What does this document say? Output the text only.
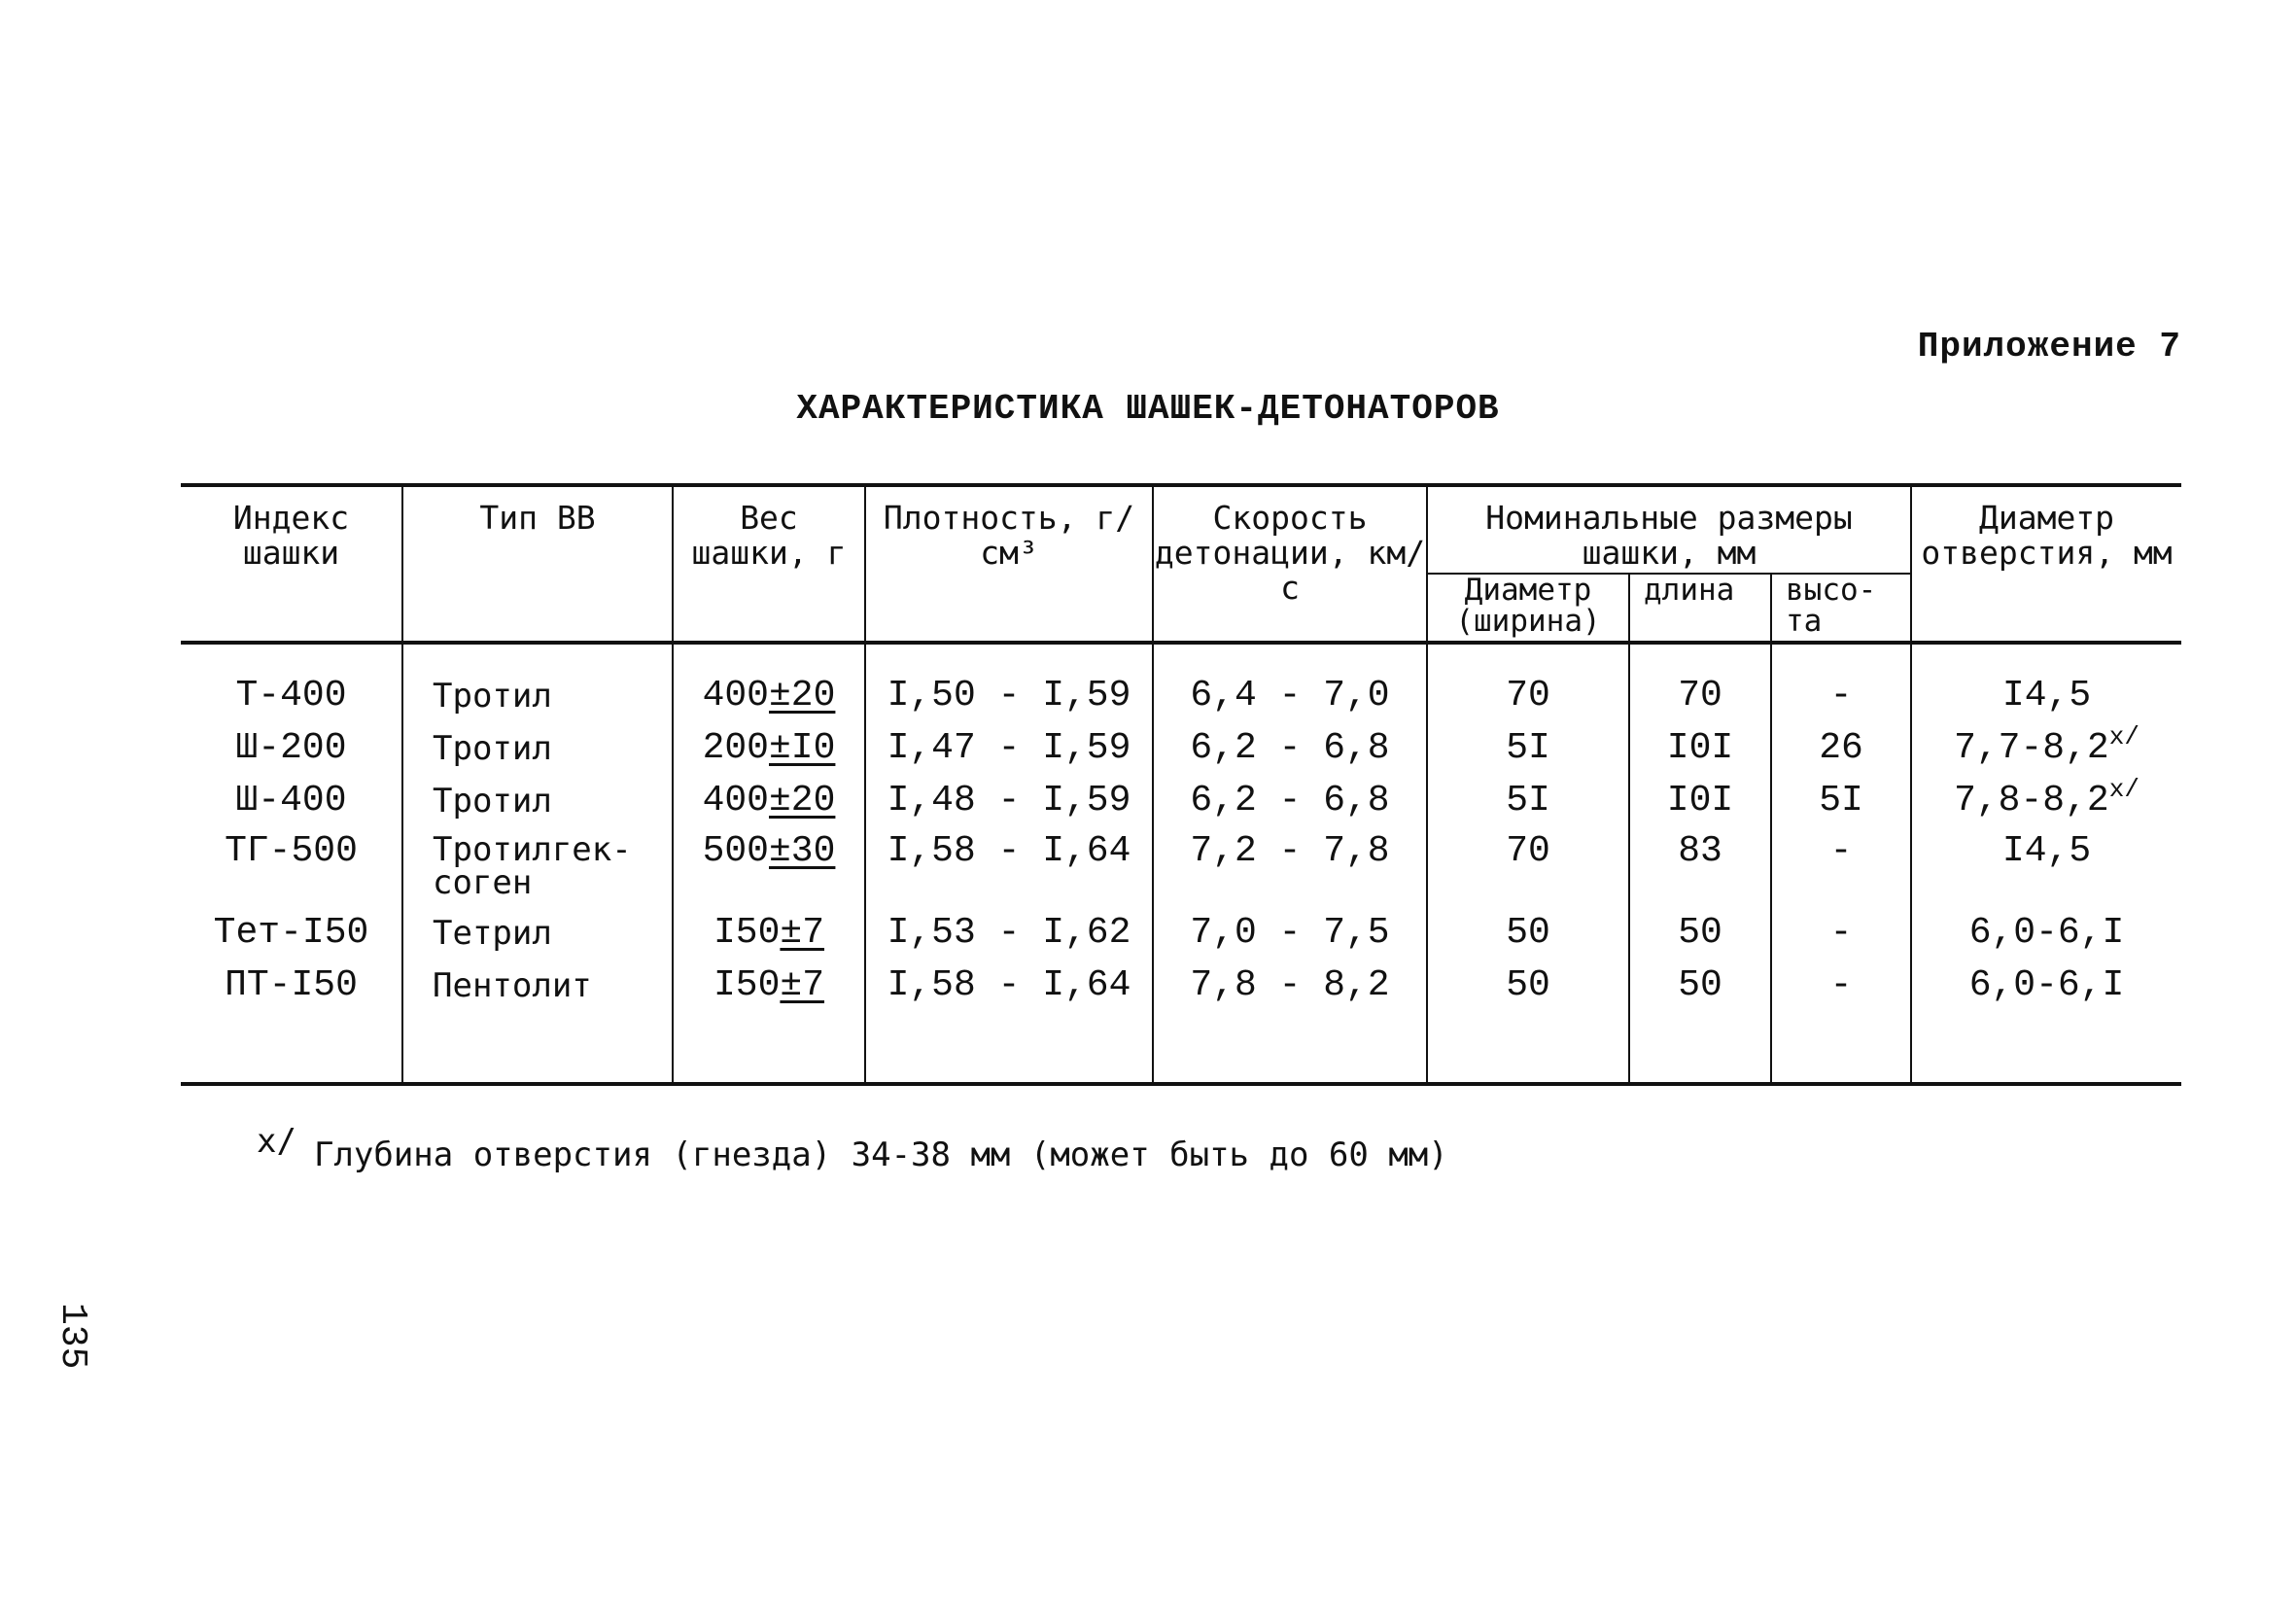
Приложение 7
ХАРАКТЕРИСТИКА ШАШЕК-ДЕТОНАТОРОВ
Индекс шашки	Тип ВВ	Вес шашки, г	Плотность, г/см³	Скорость детонации, км/с	Номинальные размеры шашки, мм			Диаметр отверстия, мм
					Диаметр (ширина)	длина	высо-та	
Т-400	Тротил	400±20	I,50 - I,59	6,4 - 7,0	70	70	-	I4,5
Ш-200	Тротил	200±I0	I,47 - I,59	6,2 - 6,8	5I	I0I	26	$7,7-8,2^{x/}$
Ш-400	Тротил	400±20	I,48 - I,59	6,2 - 6,8	5I	I0I	5I	$7,8-8,2^{x/}$
ТГ-500	Тротилгек-соген	500±30	I,58 - I,64	7,2 - 7,8	70	83	-	I4,5
Тет-I50	Тетрил	I50±7	I,53 - I,62	7,0 - 7,5	50	50	-	6,0-6,I
ПТ-I50	Пентолит	I50±7	I,58 - I,64	7,8 - 8,2	50	50	-	6,0-6,I

x/ Глубина отверстия (гнезда) 34-38 мм (может быть до 60 мм)
135
